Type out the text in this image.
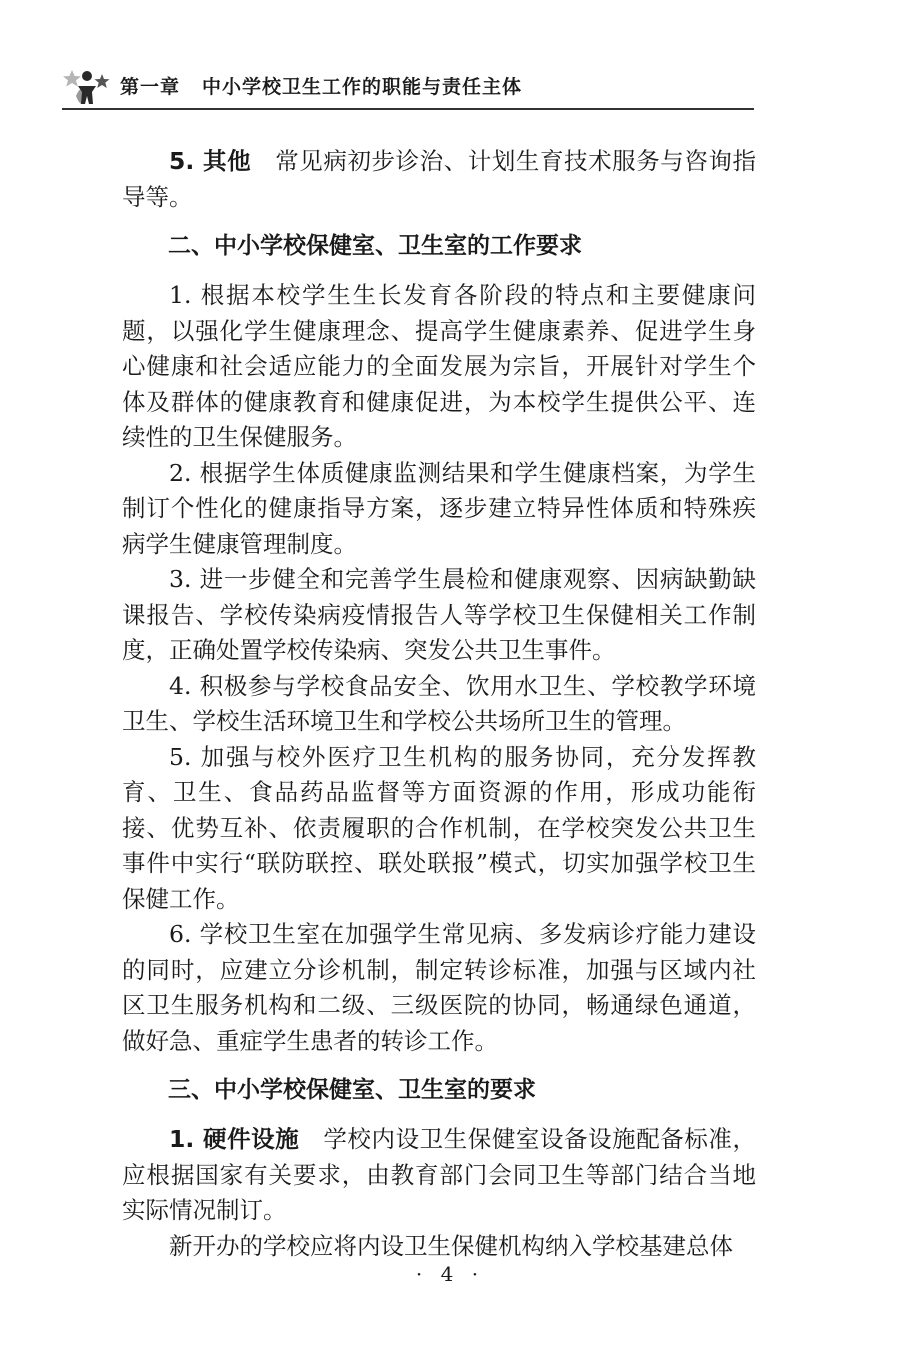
第一章 中小学校卫生工作的职能与责任主体

5. 其他　常见病初步诊治、计划生育技术服务与咨询指导等。

二、中小学校保健室、卫生室的工作要求

1. 根据本校学生生长发育各阶段的特点和主要健康问题，以强化学生健康理念、提高学生健康素养、促进学生身心健康和社会适应能力的全面发展为宗旨，开展针对学生个体及群体的健康教育和健康促进，为本校学生提供公平、连续性的卫生保健服务。

2. 根据学生体质健康监测结果和学生健康档案，为学生制订个性化的健康指导方案，逐步建立特异性体质和特殊疾病学生健康管理制度。

3. 进一步健全和完善学生晨检和健康观察、因病缺勤缺课报告、学校传染病疫情报告人等学校卫生保健相关工作制度，正确处置学校传染病、突发公共卫生事件。

4. 积极参与学校食品安全、饮用水卫生、学校教学环境卫生、学校生活环境卫生和学校公共场所卫生的管理。

5. 加强与校外医疗卫生机构的服务协同，充分发挥教育、卫生、食品药品监督等方面资源的作用，形成功能衔接、优势互补、依责履职的合作机制，在学校突发公共卫生事件中实行“联防联控、联处联报”模式，切实加强学校卫生保健工作。

6. 学校卫生室在加强学生常见病、多发病诊疗能力建设的同时，应建立分诊机制，制定转诊标准，加强与区域内社区卫生服务机构和二级、三级医院的协同，畅通绿色通道，做好急、重症学生患者的转诊工作。

三、中小学校保健室、卫生室的要求

1. 硬件设施　学校内设卫生保健室设备设施配备标准，应根据国家有关要求，由教育部门会同卫生等部门结合当地实际情况制订。

新开办的学校应将内设卫生保健机构纳入学校基建总体

· 4 ·
